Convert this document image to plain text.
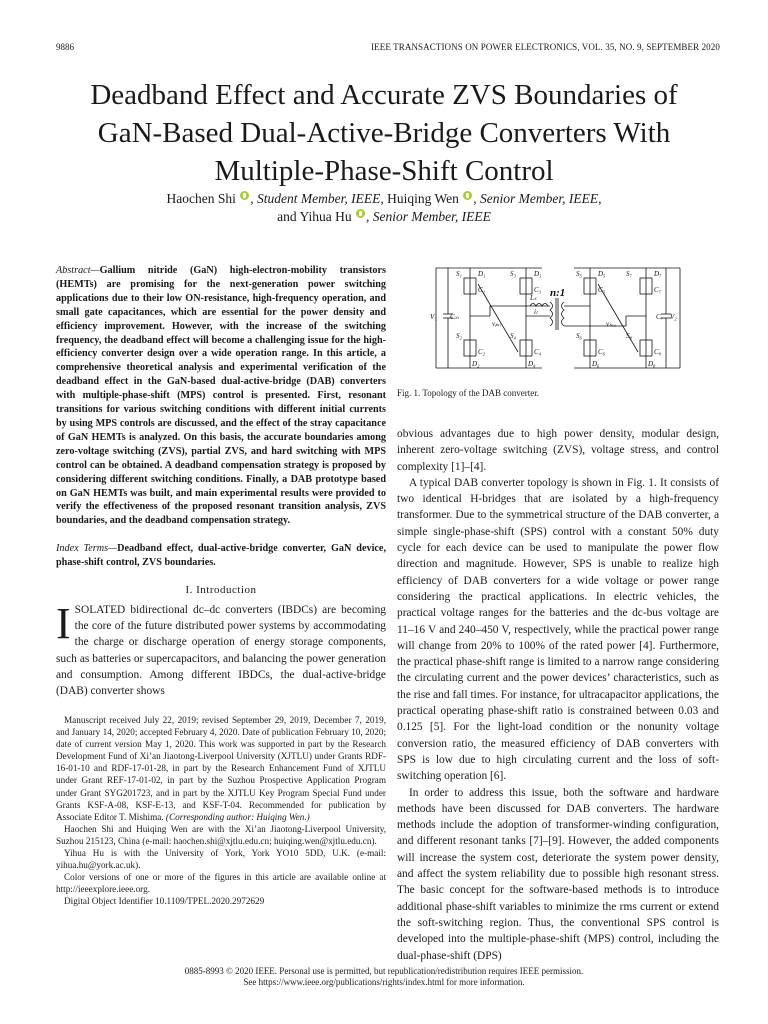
9886	IEEE TRANSACTIONS ON POWER ELECTRONICS, VOL. 35, NO. 9, SEPTEMBER 2020
Deadband Effect and Accurate ZVS Boundaries of
GaN-Based Dual-Active-Bridge Converters With
Multiple-Phase-Shift Control
Haochen Shi , Student Member, IEEE, Huiqing Wen , Senior Member, IEEE,
and Yihua Hu , Senior Member, IEEE
Abstract—Gallium nitride (GaN) high-electron-mobility transistors (HEMTs) are promising for the next-generation power switching applications due to their low ON-resistance, high-frequency operation, and small gate capacitances, which are essential for the power density and efficiency improvement. However, with the increase of the switching frequency, the deadband effect will become a challenging issue for the high-efficiency converter design over a wide operation range. In this article, a comprehensive theoretical analysis and experimental verification of the deadband effect in the GaN-based dual-active-bridge (DAB) converters with multiple-phase-shift (MPS) control is presented. First, resonant transitions for various switching conditions with different initial currents by using MPS controls are discussed, and the effect of the stray capacitance of GaN HEMTs is analyzed. On this basis, the accurate boundaries among zero-voltage switching (ZVS), partial ZVS, and hard switching with MPS control can be obtained. A deadband compensation strategy is proposed by considering different switching conditions. Finally, a DAB prototype based on GaN HEMTs was built, and main experimental results were provided to verify the effectiveness of the proposed resonant transition analysis, ZVS boundaries, and the deadband compensation strategy.
Index Terms—Deadband effect, dual-active-bridge converter, GaN device, phase-shift control, ZVS boundaries.
I. Introduction
ISOLATED bidirectional dc–dc converters (IBDCs) are becoming the core of the future distributed power systems by accommodating the charge or discharge operation of energy storage components, such as batteries or supercapacitors, and balancing the power generation and consumption. Among different IBDCs, the dual-active-bridge (DAB) converter shows

Manuscript received July 22, 2019; revised September 29, 2019, December 7, 2019, and January 14, 2020; accepted February 4, 2020. Date of publication February 10, 2020; date of current version May 1, 2020. This work was supported in part by the Research Development Fund of Xi’an Jiaotong-Liverpool University (XJTLU) under Grants RDF-16-01-10 and RDF-17-01-28, in part by the Research Enhancement Fund of XJTLU under Grant REF-17-01-02, in part by the Suzhou Prospective Application Program under Grant SYG201723, and in part by the XJTLU Key Program Special Fund under Grants KSF-A-08, KSF-E-13, and KSF-T-04. Recommended for publication by Associate Editor T. Mishima. (Corresponding author: Huiqing Wen.)

Haochen Shi and Huiqing Wen are with the Xi’an Jiaotong-Liverpool University, Suzhou 215123, China (e-mail: haochen.shi@xjtlu.edu.cn; huiqing.wen@xjtlu.edu.cn).

Yihua Hu is with the University of York, York YO10 5DD, U.K. (e-mail: yihua.hu@york.ac.uk).

Color versions of one or more of the figures in this article are available online at http://ieeexplore.ieee.org.

Digital Object Identifier 10.1109/TPEL.2020.2972629

V₁ Cᵢₙ
S₁ D₁
C₁
S₃	D₃
C₃
S₂
C₂
D₂
S₄
C₄
D₄
Lₛ
iₗ
vₚᵣᵢ
n:1
S₅ D₅
C₅
S₇	D₇
C₇
S₆
C₆
D₆
S₈
C₈
D₈
vₛₑ꜀
Cₒ V₂
Fig. 1. Topology of the DAB converter.

obvious advantages due to high power density, modular design, inherent zero-voltage switching (ZVS), voltage stress, and control complexity [1]–[4].

A typical DAB converter topology is shown in Fig. 1. It consists of two identical H-bridges that are isolated by a high-frequency transformer. Due to the symmetrical structure of the DAB converter, a simple single-phase-shift (SPS) control with a constant 50% duty cycle for each device can be used to manipulate the power flow direction and magnitude. However, SPS is unable to realize high efficiency of DAB converters for a wide voltage or power range considering the practical applications. In electric vehicles, the practical voltage ranges for the batteries and the dc-bus voltage are 11–16 V and 240–450 V, respectively, while the practical power range will change from 20% to 100% of the rated power [4]. Furthermore, the practical phase-shift range is limited to a narrow range considering the circulating current and the power devices’ characteristics, such as the rise and fall times. For instance, for ultracapacitor applications, the practical operating phase-shift ratio is constrained between 0.03 and 0.125 [5]. For the light-load condition or the nonunity voltage conversion ratio, the measured efficiency of DAB converters with SPS is low due to high circulating current and the loss of soft-switching operation [6].

In order to address this issue, both the software and hardware methods have been discussed for DAB converters. The hardware methods include the adoption of transformer-winding configuration, and different resonant tanks [7]–[9]. However, the added components will increase the system cost, deteriorate the system power density, and affect the system reliability due to possible high resonant stress. The basic concept for the software-based methods is to introduce additional phase-shift variables to minimize the rms current or extend the soft-switching region. Thus, the conventional SPS control is developed into the multiple-phase-shift (MPS) control, including the dual-phase-shift (DPS)

0885-8993 © 2020 IEEE. Personal use is permitted, but republication/redistribution requires IEEE permission.
See https://www.ieee.org/publications/rights/index.html for more information.
